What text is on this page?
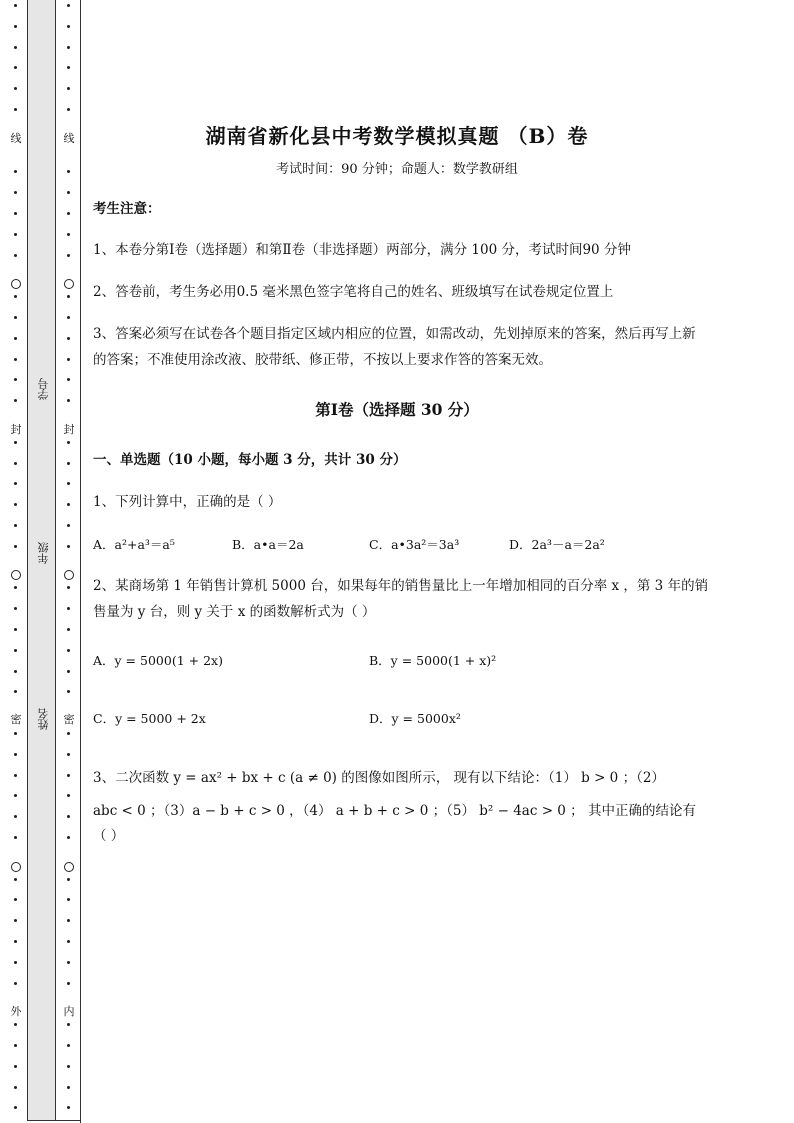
线
封
密
外
线
封
密
内
学号
年级
姓名
湖南省新化县中考数学模拟真题 （B）卷
考试时间：90 分钟；命题人：数学教研组
考生注意：
1、本卷分第Ⅰ卷（选择题）和第Ⅱ卷（非选择题）两部分，满分 100 分，考试时间90 分钟
2、答卷前，考生务必用0.5 毫米黑色签字笔将自己的姓名、班级填写在试卷规定位置上
3、答案必须写在试卷各个题目指定区域内相应的位置，如需改动，先划掉原来的答案，然后再写上新
的答案；不准使用涂改液、胶带纸、修正带，不按以上要求作答的答案无效。
第Ⅰ卷（选择题 30 分）
一、单选题（10 小题，每小题 3 分，共计 30 分）
1、下列计算中，正确的是（ ）
A．a²+a³＝a⁵	B．a•a＝2a	C．a•3a²＝3a³	D．2a³－a＝2a²
2、某商场第 1 年销售计算机 5000 台，如果每年的销售量比上一年增加相同的百分率 x ，第 3 年的销
售量为 y 台，则 y 关于 x 的函数解析式为（ ）
A．y = 5000(1 + 2x)	B．y = 5000(1 + x)²
C．y = 5000 + 2x	D．y = 5000x²
3、二次函数 y = ax² + bx + c (a ≠ 0) 的图像如图所示， 现有以下结论：（1） b > 0 ；（2）
abc < 0 ；（3）a − b + c > 0 ，（4） a + b + c > 0 ；（5） b² − 4ac > 0 ； 其中正确的结论有
（ ）
